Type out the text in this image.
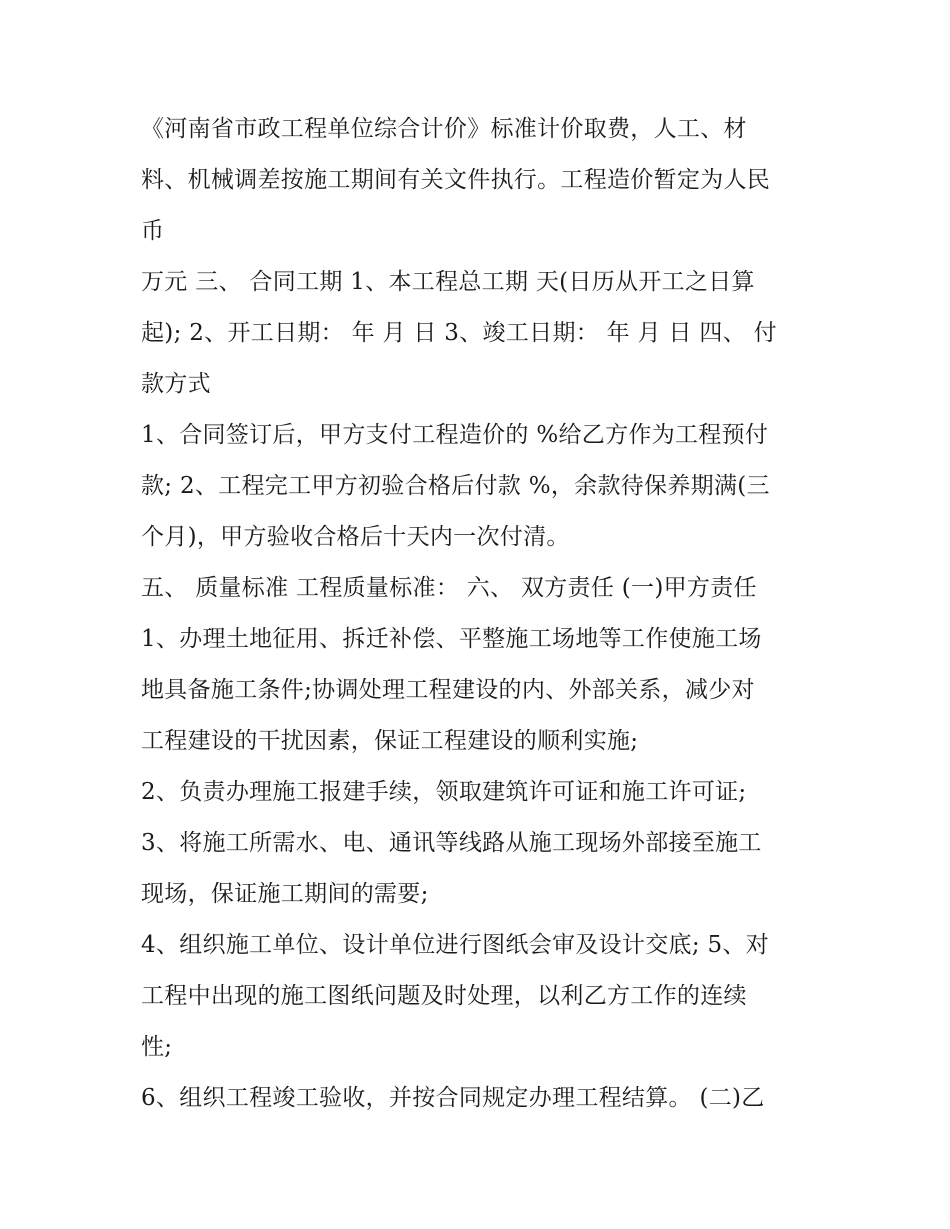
《河南省市政工程单位综合计价》标准计价取费，人工、材
料、机械调差按施工期间有关文件执行。工程造价暂定为人民
币
万元 三、 合同工期 1、本工程总工期 天(日历从开工之日算
起); 2、开工日期： 年 月 日 3、竣工日期： 年 月 日 四、 付
款方式
1、合同签订后，甲方支付工程造价的 %给乙方作为工程预付
款; 2、工程完工甲方初验合格后付款 %，余款待保养期满(三
个月)，甲方验收合格后十天内一次付清。
五、 质量标准 工程质量标准： 六、 双方责任 (一)甲方责任
1、办理土地征用、拆迁补偿、平整施工场地等工作使施工场
地具备施工条件;协调处理工程建设的内、外部关系，减少对
工程建设的干扰因素，保证工程建设的顺利实施;
2、负责办理施工报建手续，领取建筑许可证和施工许可证;
3、将施工所需水、电、通讯等线路从施工现场外部接至施工
现场，保证施工期间的需要;
4、组织施工单位、设计单位进行图纸会审及设计交底; 5、对
工程中出现的施工图纸问题及时处理，以利乙方工作的连续
性;
6、组织工程竣工验收，并按合同规定办理工程结算。 (二)乙
